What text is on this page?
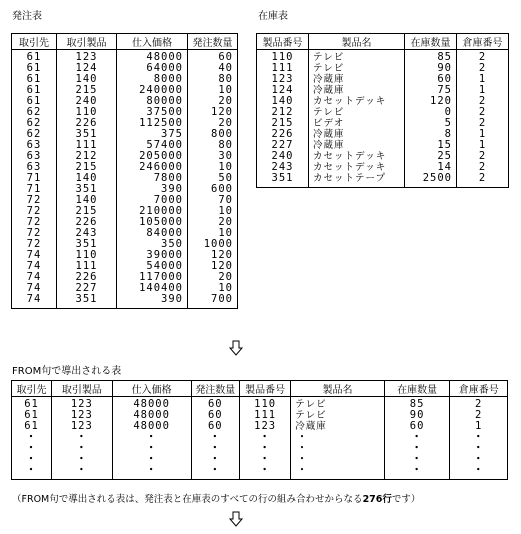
発注表
取引先	取引製品	仕入価格	発注数量
61	123	48000	60
61	124	64000	40
61	140	8000	80
61	215	240000	10
61	240	80000	20
62	110	37500	120
62	226	112500	20
62	351	375	800
63	111	57400	80
63	212	205000	30
63	215	246000	10
71	140	7800	50
71	351	390	600
72	140	7000	70
72	215	210000	10
72	226	105000	20
72	243	84000	10
72	351	350	1000
74	110	39000	120
74	111	54000	120
74	226	117000	20
74	227	140400	10
74	351	390	700
在庫表
製品番号	製品名	在庫数量	倉庫番号
110	テレビ	85	2
111	テレビ	90	2
123	冷蔵庫	60	1
124	冷蔵庫	75	1
140	カセットデッキ	120	2
212	テレビ	0	2
215	ビデオ	5	2
226	冷蔵庫	8	1
227	冷蔵庫	15	1
240	カセットデッキ	25	2
243	カセットデッキ	14	2
351	カセットテープ	2500	2
FROM句で導出される表
取引先	取引製品	仕入価格	発注数量	製品番号	製品名	在庫数量	倉庫番号
61	123	48000	60	110	テレビ	85	2
61	123	48000	60	111	テレビ	90	2
61	123	48000	60	123	冷蔵庫	60	1
・	・	・	・	・	・	・	・
・	・	・	・	・	・	・	・
・	・	・	・	・	・	・	・
・	・	・	・	・	・	・	・
（FROM句で導出される表は、発注表と在庫表のすべての行の組み合わせからなる276行です）
